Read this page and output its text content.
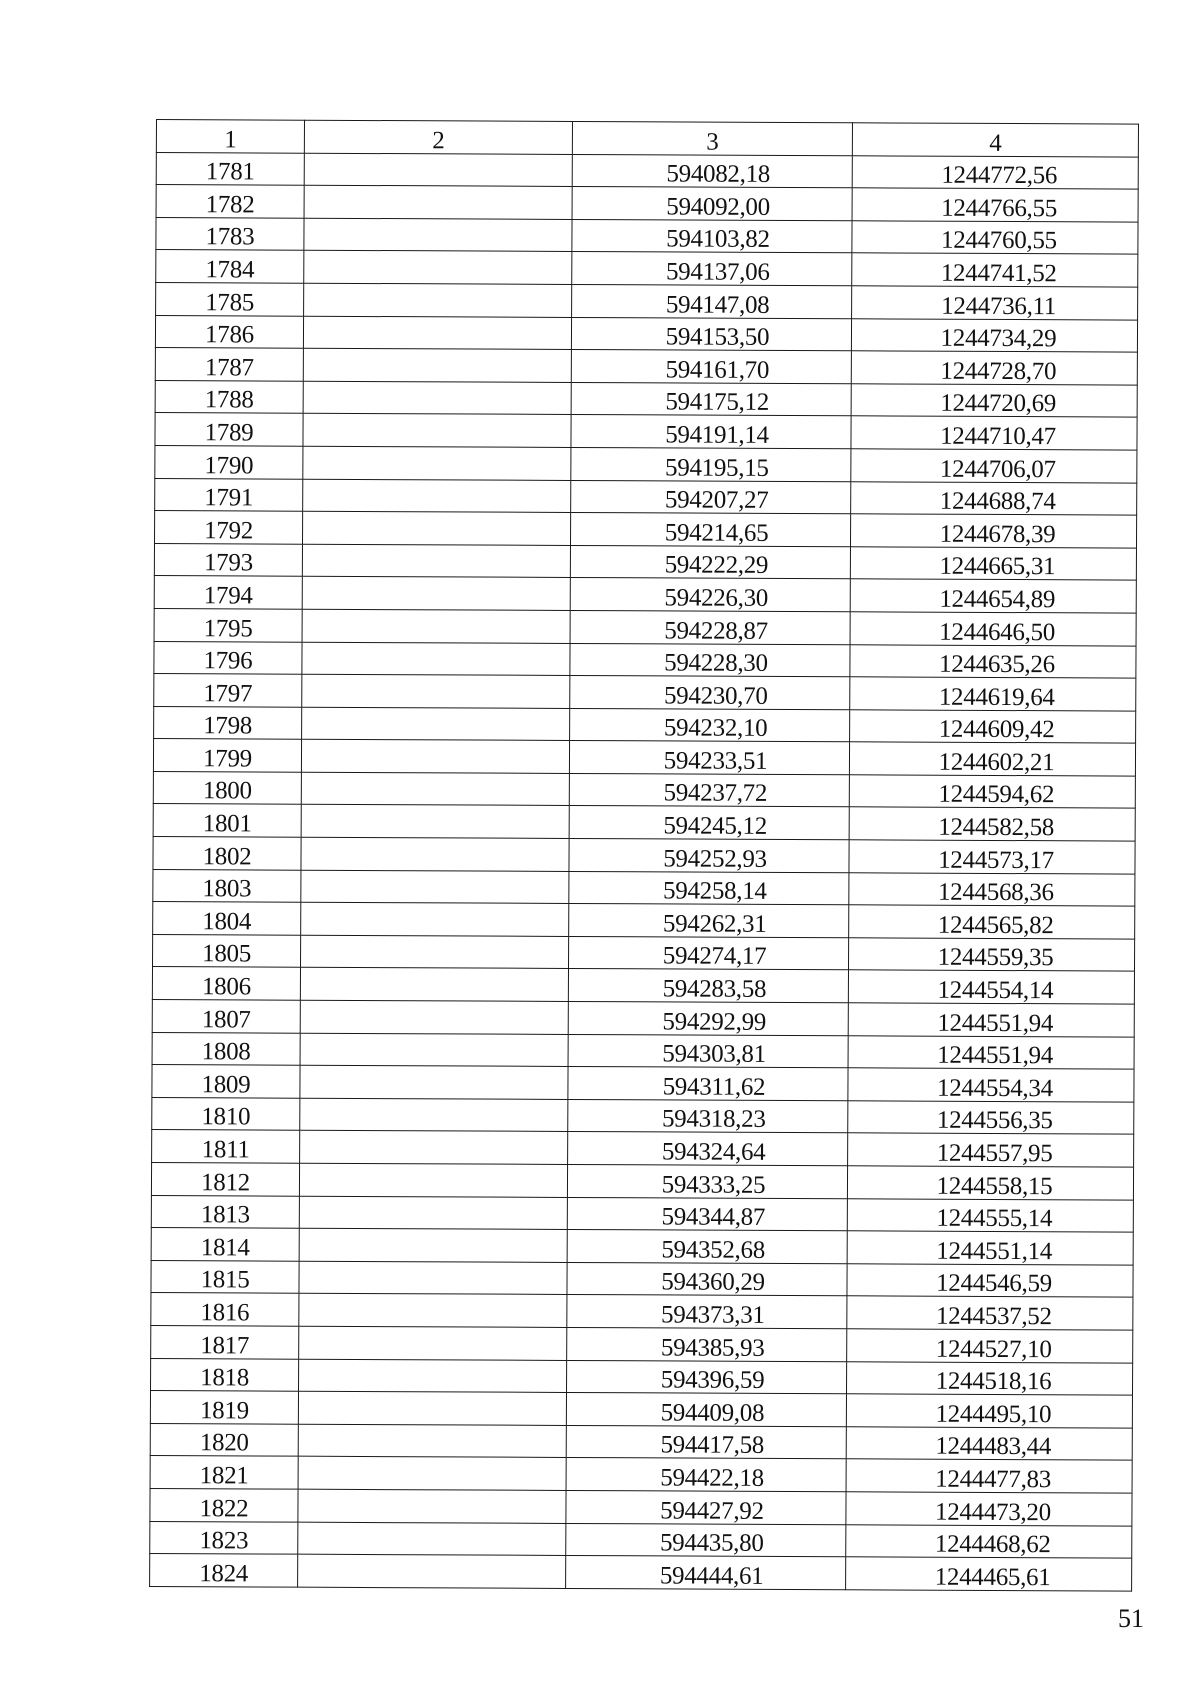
1	2	3	4
1781		594082,18	1244772,56
1782		594092,00	1244766,55
1783		594103,82	1244760,55
1784		594137,06	1244741,52
1785		594147,08	1244736,11
1786		594153,50	1244734,29
1787		594161,70	1244728,70
1788		594175,12	1244720,69
1789		594191,14	1244710,47
1790		594195,15	1244706,07
1791		594207,27	1244688,74
1792		594214,65	1244678,39
1793		594222,29	1244665,31
1794		594226,30	1244654,89
1795		594228,87	1244646,50
1796		594228,30	1244635,26
1797		594230,70	1244619,64
1798		594232,10	1244609,42
1799		594233,51	1244602,21
1800		594237,72	1244594,62
1801		594245,12	1244582,58
1802		594252,93	1244573,17
1803		594258,14	1244568,36
1804		594262,31	1244565,82
1805		594274,17	1244559,35
1806		594283,58	1244554,14
1807		594292,99	1244551,94
1808		594303,81	1244551,94
1809		594311,62	1244554,34
1810		594318,23	1244556,35
1811		594324,64	1244557,95
1812		594333,25	1244558,15
1813		594344,87	1244555,14
1814		594352,68	1244551,14
1815		594360,29	1244546,59
1816		594373,31	1244537,52
1817		594385,93	1244527,10
1818		594396,59	1244518,16
1819		594409,08	1244495,10
1820		594417,58	1244483,44
1821		594422,18	1244477,83
1822		594427,92	1244473,20
1823		594435,80	1244468,62
1824		594444,61	1244465,61
51
